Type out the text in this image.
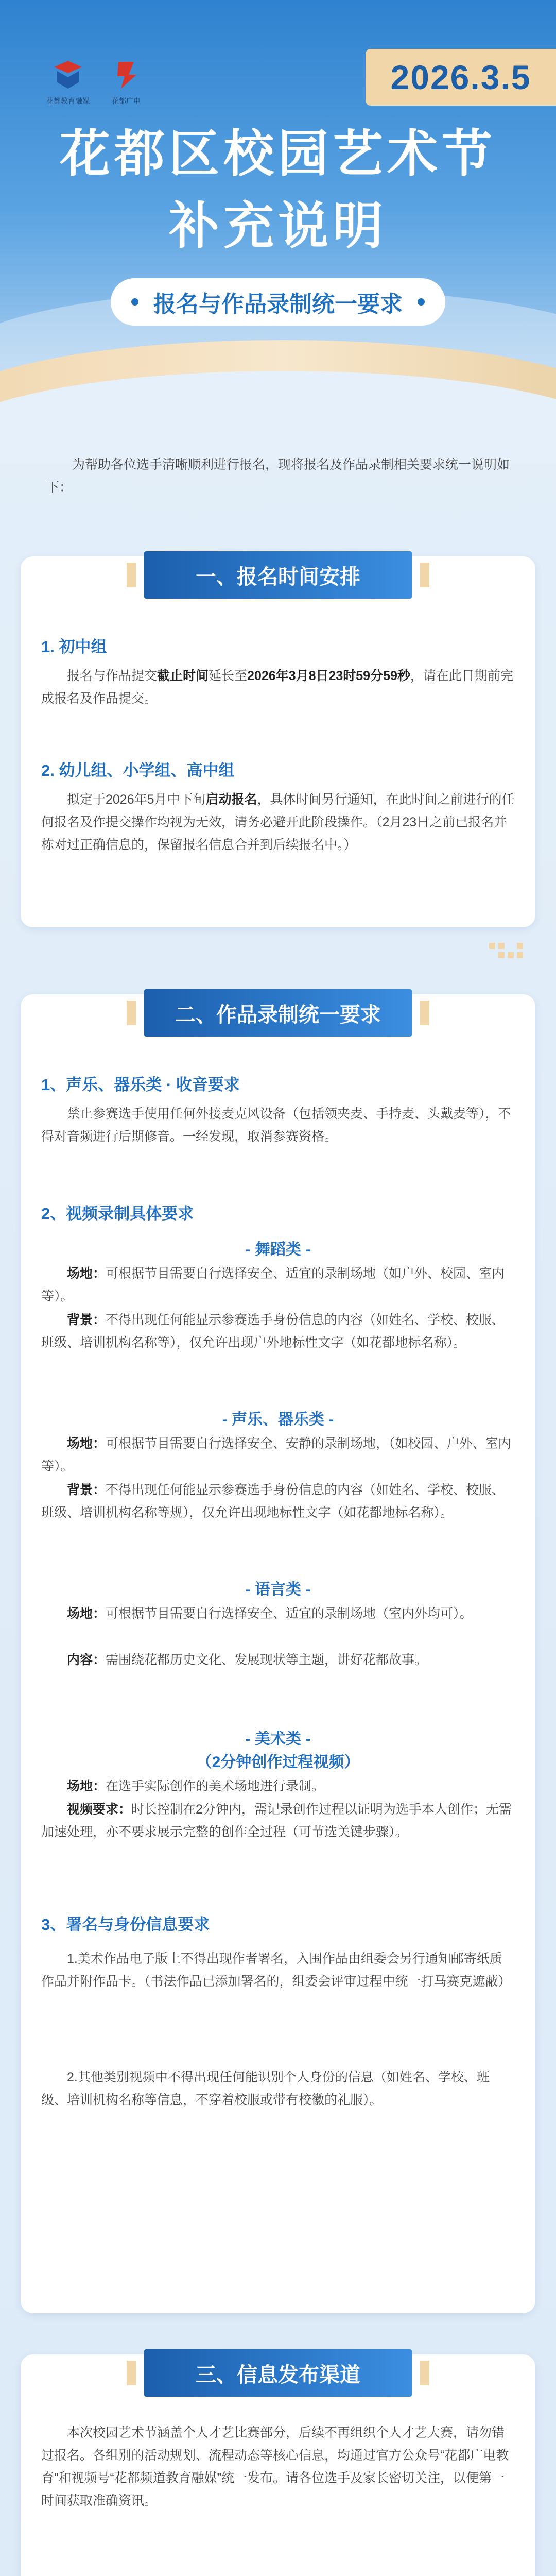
花都教育融媒	花都广电
2026.3.5
花都区校园艺术节
补充说明
报名与作品录制统一要求
为帮助各位选手清晰顺利进行报名，现将报名及作品录制相关要求统一说明如下：
一、报名时间安排
1. 初中组
报名与作品提交截止时间延长至2026年3月8日23时59分59秒，请在此日期前完成报名及作品提交。
2. 幼儿组、小学组、高中组
拟定于2026年5月中下旬启动报名，具体时间另行通知，在此时间之前进行的任何报名及作提交操作均视为无效，请务必避开此阶段操作。（2月23日之前已报名并栋对过正确信息的，保留报名信息合并到后续报名中。）
二、作品录制统一要求
1、声乐、器乐类 · 收音要求
禁止参赛选手使用任何外接麦克风设备（包括领夹麦、手持麦、头戴麦等），不得对音频进行后期修音。一经发现，取消参赛资格。
2、视频录制具体要求
- 舞蹈类 -
场地：可根据节目需要自行选择安全、适宜的录制场地（如户外、校园、室内等）。
背景：不得出现任何能显示参赛选手身份信息的内容（如姓名、学校、校服、班级、培训机构名称等），仅允许出现户外地标性文字（如花都地标名称）。
- 声乐、器乐类 -
场地：可根据节目需要自行选择安全、安静的录制场地，（如校园、户外、室内等）。
背景：不得出现任何能显示参赛选手身份信息的内容（如姓名、学校、校服、班级、培训机构名称等规），仅允许出现地标性文字（如花都地标名称）。
- 语言类 -
场地：可根据节目需要自行选择安全、适宜的录制场地（室内外均可）。
内容：需围绕花都历史文化、发展现状等主题，讲好花都故事。
- 美术类 -
（2分钟创作过程视频）
场地：在选手实际创作的美术场地进行录制。
视频要求：时长控制在2分钟内，需记录创作过程以证明为选手本人创作；无需加速处理，亦不要求展示完整的创作全过程（可节选关键步骤）。
3、署名与身份信息要求
1.美术作品电子版上不得出现作者署名，入围作品由组委会另行通知邮寄纸质作品并附作品卡。（书法作品已添加署名的，组委会评审过程中统一打马赛克遮蔽）
2.其他类别视频中不得出现任何能识别个人身份的信息（如姓名、学校、班级、培训机构名称等信息，不穿着校服或带有校徽的礼服）。
三、信息发布渠道
本次校园艺术节涵盖个人才艺比赛部分，后续不再组织个人才艺大赛，请勿错过报名。各组别的活动规划、流程动态等核心信息，均通过官方公众号“花都广电教育”和视频号“花都频道教育融媒”统一发布。请各位选手及家长密切关注，以便第一时间获取准确资讯。
